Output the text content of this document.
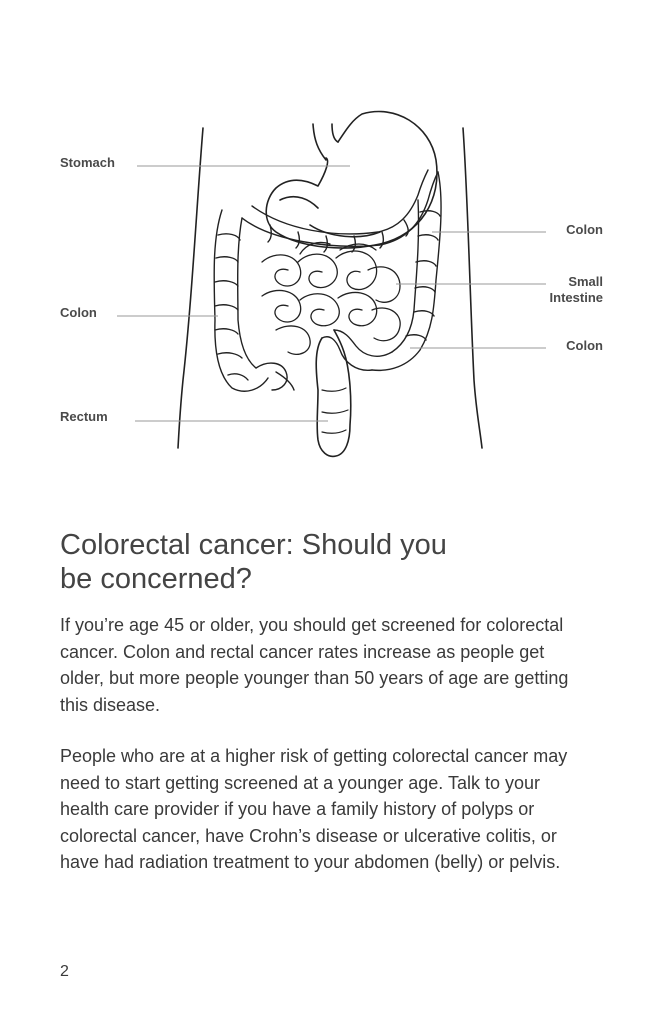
Stomach
Colon
Rectum
Colon
Small
Intestine
Colon
Colorectal cancer: Should you
be concerned?

If you’re age 45 or older, you should get screened for colorectal
cancer. Colon and rectal cancer rates increase as people get
older, but more people younger than 50 years of age are getting
this disease.

People who are at a higher risk of getting colorectal cancer may
need to start getting screened at a younger age. Talk to your
health care provider if you have a family history of polyps or
colorectal cancer, have Crohn’s disease or ulcerative colitis, or
have had radiation treatment to your abdomen (belly) or pelvis.

2
